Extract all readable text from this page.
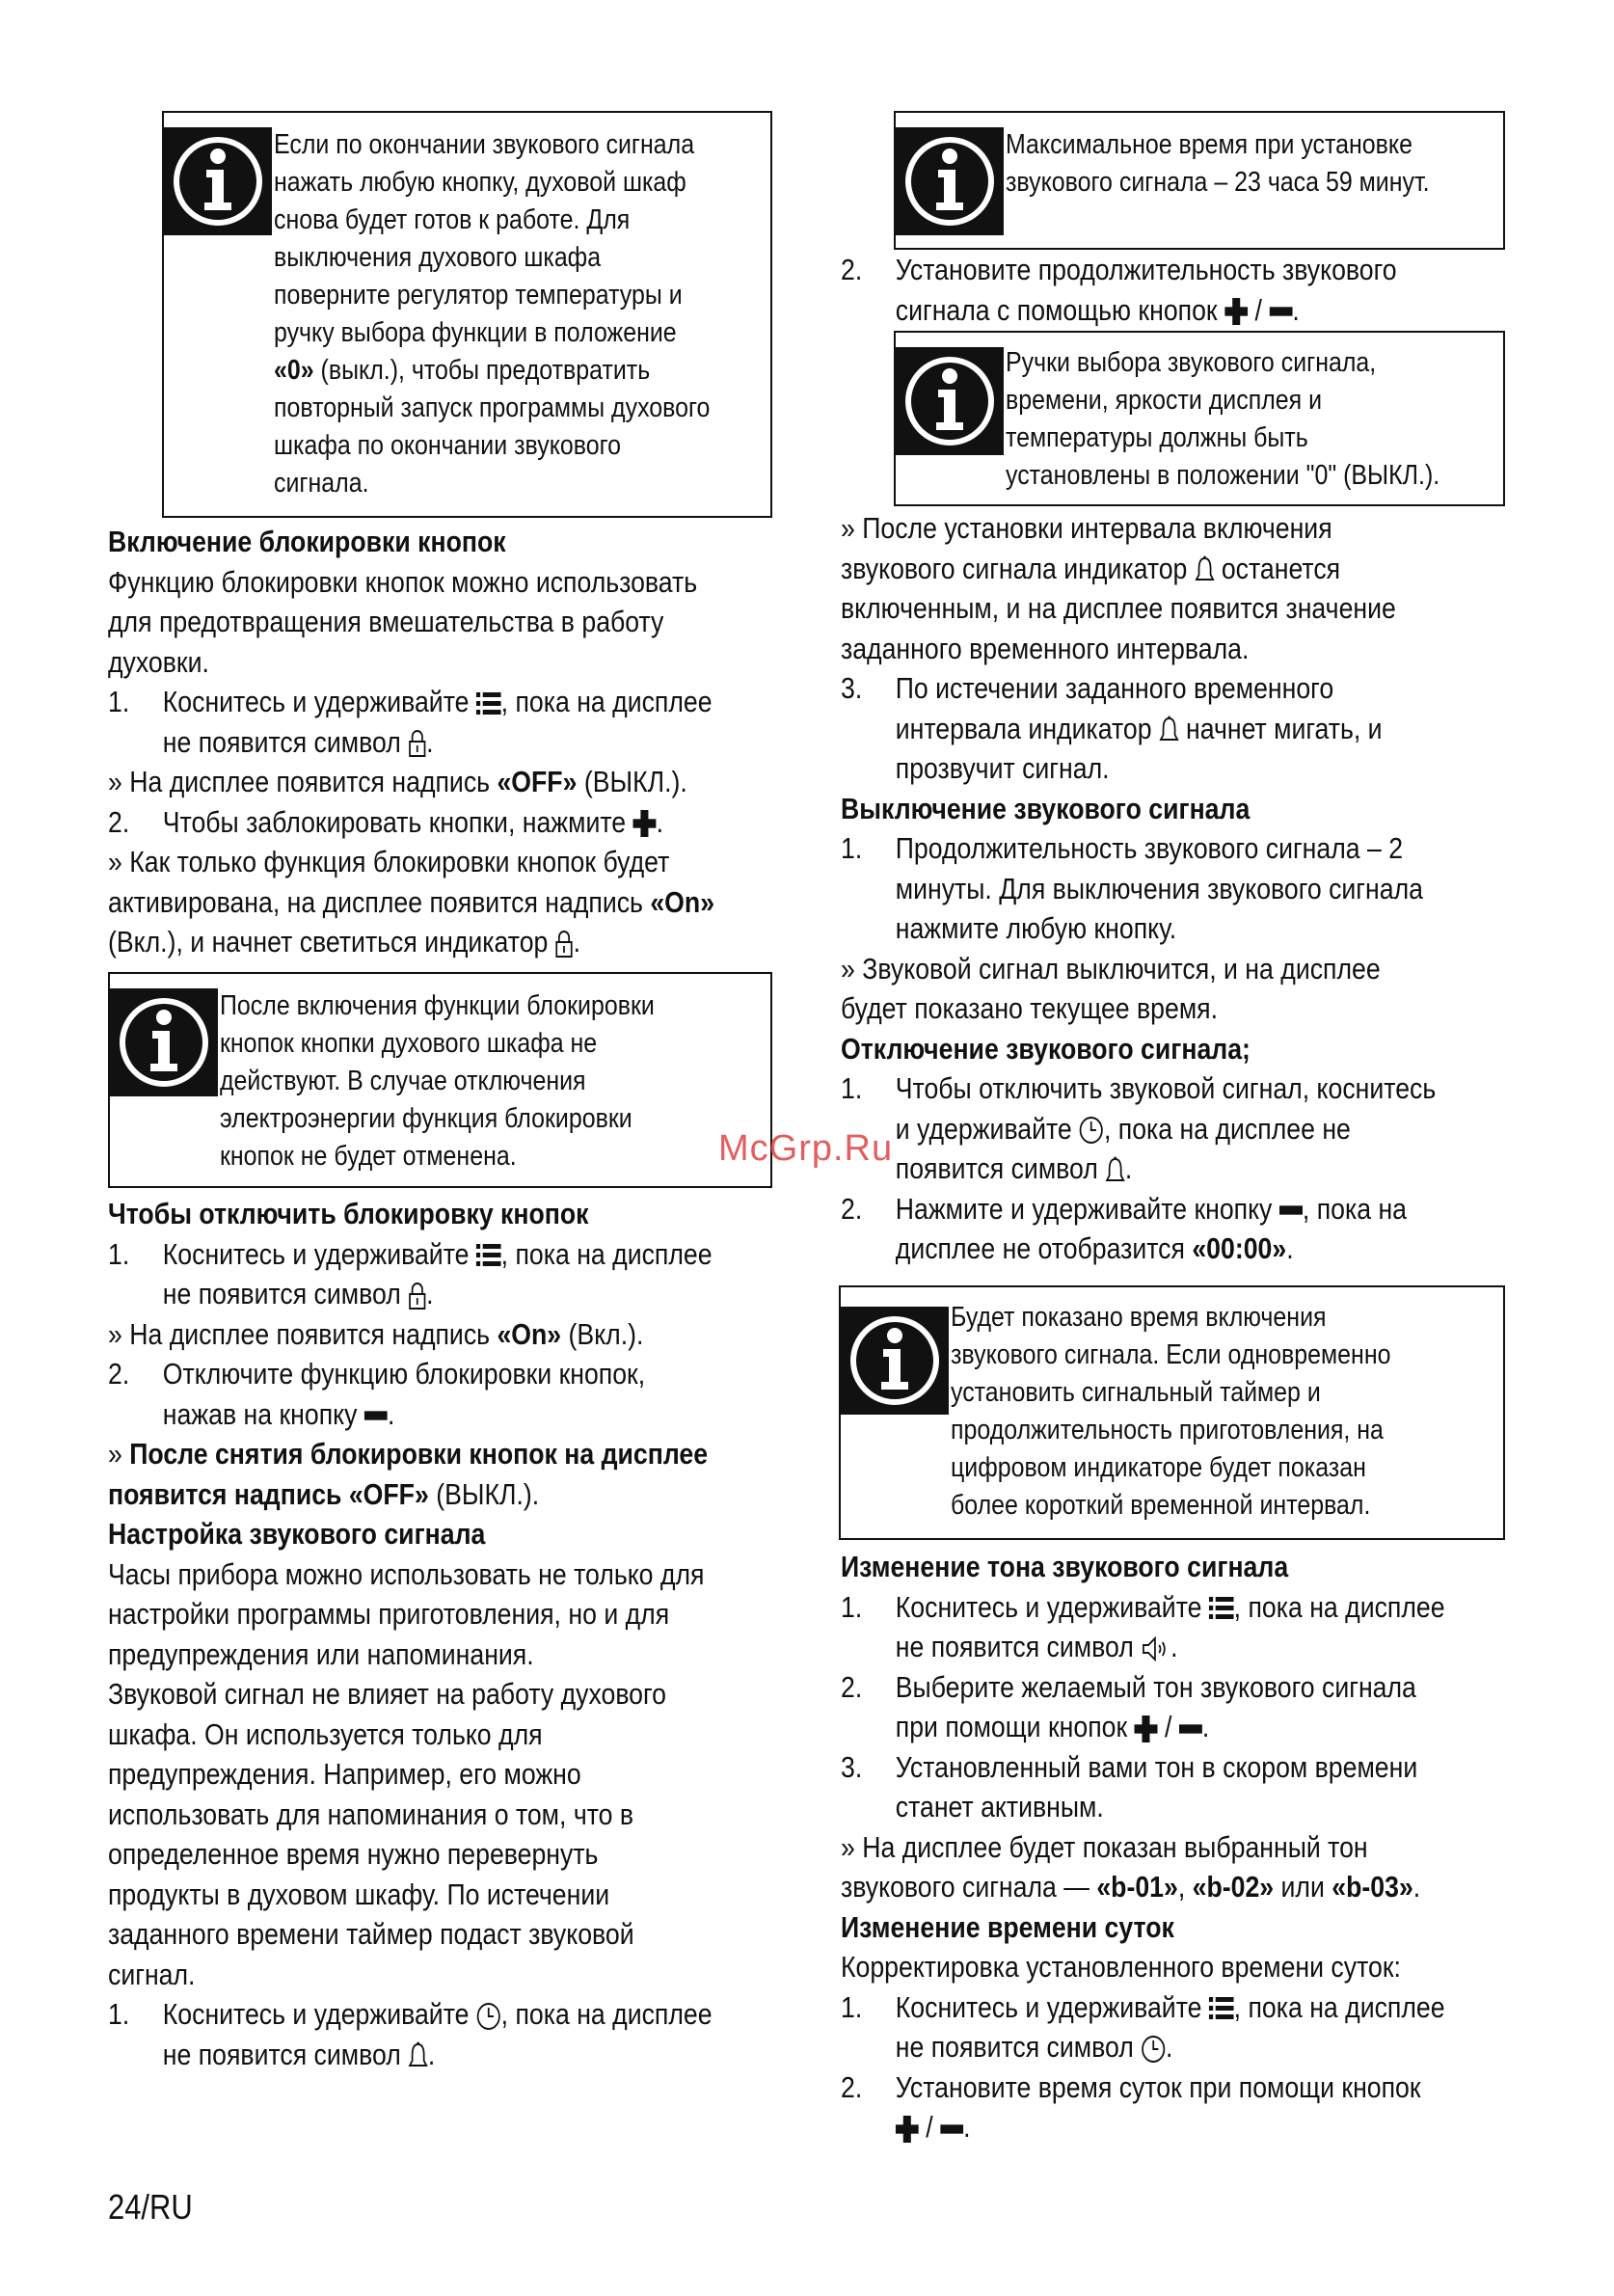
Если по окончании звукового сигнала
нажать любую кнопку, духовой шкаф
снова будет готов к работе. Для
выключения духового шкафа
поверните регулятор температуры и
ручку выбора функции в положение
«0» (выкл.), чтобы предотвратить
повторный запуск программы духового
шкафа по окончании звукового
сигнала.
Включение блокировки кнопок
Функцию блокировки кнопок можно использовать
для предотвращения вмешательства в работу
духовки.
1.	Коснитесь и удерживайте , пока на дисплее
не появится символ .
» На дисплее появится надпись «OFF» (ВЫКЛ.).
2.	Чтобы заблокировать кнопки, нажмите .
» Как только функция блокировки кнопок будет
активирована, на дисплее появится надпись «On»
(Вкл.), и начнет светиться индикатор .
После включения функции блокировки
кнопок кнопки духового шкафа не
действуют. В случае отключения
электроэнергии функция блокировки
кнопок не будет отменена.
Чтобы отключить блокировку кнопок
1.	Коснитесь и удерживайте , пока на дисплее
не появится символ .
» На дисплее появится надпись «On» (Вкл.).
2.	Отключите функцию блокировки кнопок,
нажав на кнопку .
» После снятия блокировки кнопок на дисплее
появится надпись «OFF» (ВЫКЛ.).
Настройка звукового сигнала
Часы прибора можно использовать не только для
настройки программы приготовления, но и для
предупреждения или напоминания.
Звуковой сигнал не влияет на работу духового
шкафа. Он используется только для
предупреждения. Например, его можно
использовать для напоминания о том, что в
определенное время нужно перевернуть
продукты в духовом шкафу. По истечении
заданного времени таймер подаст звуковой
сигнал.
1.	Коснитесь и удерживайте , пока на дисплее
не появится символ .
Максимальное время при установке
звукового сигнала – 23 часа 59 минут.
2.	Установите продолжительность звукового
сигнала с помощью кнопок  / .
Ручки выбора звукового сигнала,
времени, яркости дисплея и
температуры должны быть
установлены в положении "0" (ВЫКЛ.).
» После установки интервала включения
звукового сигнала индикатор  останется
включенным, и на дисплее появится значение
заданного временного интервала.
3.	По истечении заданного временного
интервала индикатор  начнет мигать, и
прозвучит сигнал.
Выключение звукового сигнала
1.	Продолжительность звукового сигнала – 2
минуты. Для выключения звукового сигнала
нажмите любую кнопку.
» Звуковой сигнал выключится, и на дисплее
будет показано текущее время.
Отключение звукового сигнала;
1.	Чтобы отключить звуковой сигнал, коснитесь
и удерживайте , пока на дисплее не
появится символ .
2.	Нажмите и удерживайте кнопку , пока на
дисплее не отобразится «00:00».
Будет показано время включения
звукового сигнала. Если одновременно
установить сигнальный таймер и
продолжительность приготовления, на
цифровом индикаторе будет показан
более короткий временной интервал.
Изменение тона звукового сигнала
1.	Коснитесь и удерживайте , пока на дисплее
не появится символ .
2.	Выберите желаемый тон звукового сигнала
при помощи кнопок  / .
3.	Установленный вами тон в скором времени
станет активным.
» На дисплее будет показан выбранный тон
звукового сигнала — «b-01», «b-02» или «b-03».
Изменение времени суток
Корректировка установленного времени суток:
1.	Коснитесь и удерживайте , пока на дисплее
не появится символ .
2.	Установите время суток при помощи кнопок
/ .
24/RU
McGrp.Ru
